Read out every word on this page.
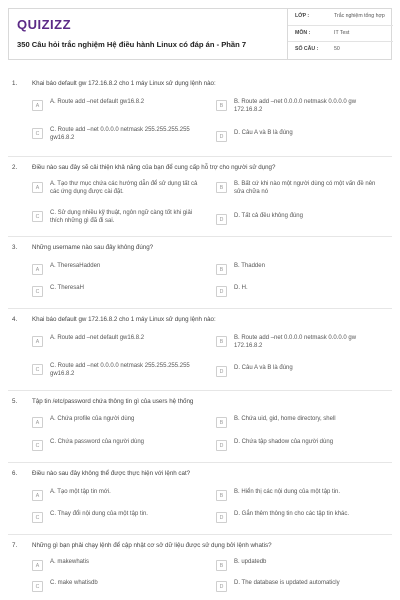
QUIZIZZ
350 Câu hỏi trắc nghiệm Hệ điều hành Linux có đáp án - Phần 7
LỚP :	Trắc nghiệm tổng hợp
MÔN :	IT Test
SỐ CÂU :	50
1. Khai báo default gw 172.16.8.2 cho 1 máy Linux sử dụng lệnh nào:
A
A. Route add –net default gw16.8.2
B
B. Route add –net 0.0.0.0 netmask 0.0.0.0 gw 172.16.8.2
C
C. Route add –net 0.0.0.0 netmask 255.255.255.255 gw16.8.2	D
D. Câu A và B là đúng
2. Điều nào sau đây sẽ cải thiện khả năng của bạn để cung cấp hỗ trợ cho người sử dụng?
A
A. Tạo thư mục chứa các hướng dẫn để sử dụng tất cả các ứng dụng được cài đặt.
B
B. Bất cứ khi nào một người dùng có một vấn đề nên sửa chữa nó
C
C. Sử dụng nhiều kỹ thuật, ngôn ngữ càng tốt khi giải thích những gì đã đi sai.	D
D. Tất cả đều không đúng
3. Những username nào sau đây không đúng?
A
A. TheresaHadden
B
B. Thadden
C
C. TheresaH
D
D. H.
4. Khai báo default gw 172.16.8.2 cho 1 máy Linux sử dụng lệnh nào:
A
A. Route add –net default gw16.8.2
B
B. Route add –net 0.0.0.0 netmask 0.0.0.0 gw 172.16.8.2
C
C. Route add –net 0.0.0.0 netmask 255.255.255.255 gw16.8.2	D
D. Câu A và B là đúng
5. Tập tin /etc/password chứa thông tin gì của users hệ thống
A
A. Chứa profile của người dùng
B
B. Chứa uid, gid, home directory, shell
C
C. Chứa password của người dùng
D
D. Chứa tập shadow của người dùng
6. Điều nào sau đây không thể được thực hiện với lệnh cat?
A
A. Tạo một tập tin mới.
B
B. Hiển thị các nội dung của một tập tin.
C
C. Thay đổi nội dung của một tập tin.
D
D. Gắn thêm thông tin cho các tập tin khác.
7. Những gì bạn phải chạy lệnh để cập nhật cơ sở dữ liệu được sử dụng bởi lệnh whatis?
A
A. makewhatis
B
B. updatedb
C
C. make whatisdb
D
D. The database is updated automaticly
